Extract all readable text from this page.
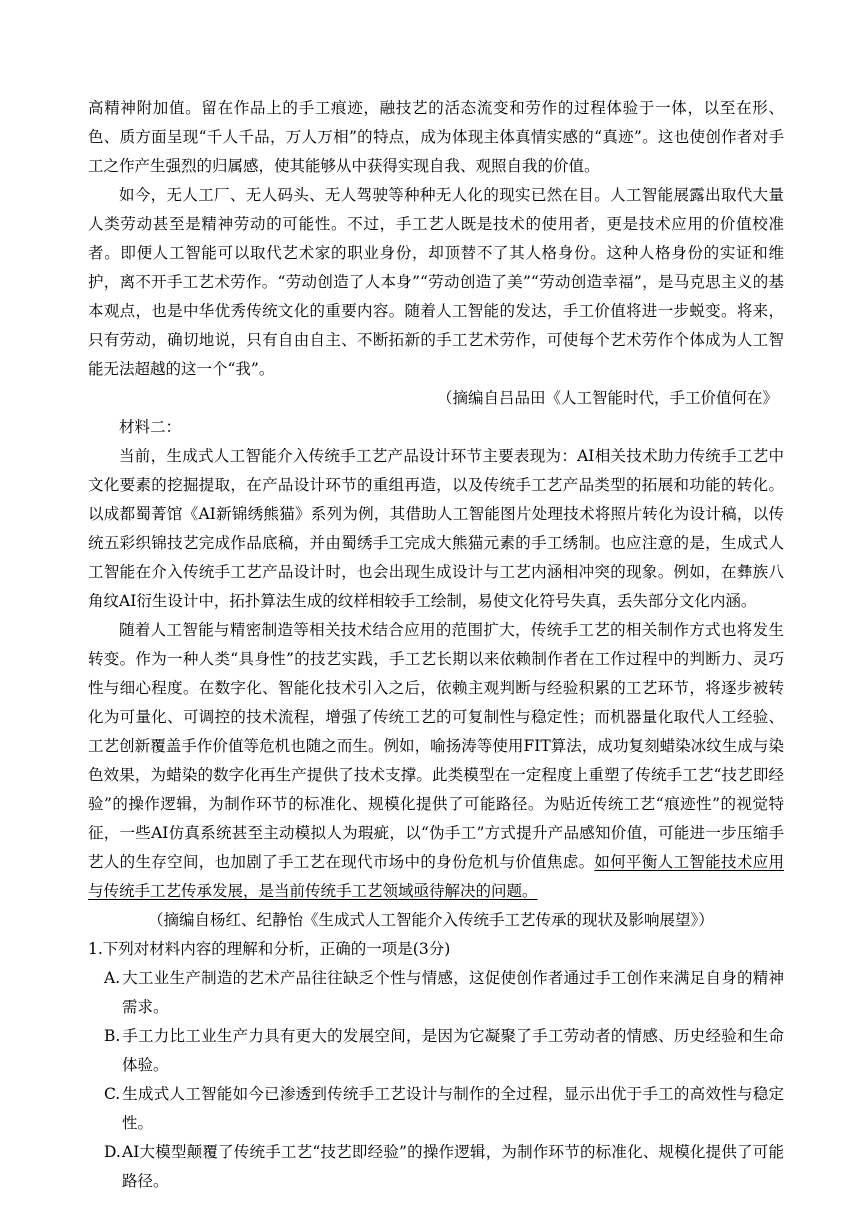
高精神附加值。留在作品上的手工痕迹，融技艺的活态流变和劳作的过程体验于一体，以至在形、色、质方面呈现“千人千品，万人万相”的特点，成为体现主体真情实感的“真迹”。这也使创作者对手工之作产生强烈的归属感，使其能够从中获得实现自我、观照自我的价值。

如今，无人工厂、无人码头、无人驾驶等种种无人化的现实已然在目。人工智能展露出取代大量人类劳动甚至是精神劳动的可能性。不过，手工艺人既是技术的使用者，更是技术应用的价值校准者。即便人工智能可以取代艺术家的职业身份，却顶替不了其人格身份。这种人格身份的实证和维护，离不开手工艺术劳作。“劳动创造了人本身”“劳动创造了美”“劳动创造幸福”，是马克思主义的基本观点，也是中华优秀传统文化的重要内容。随着人工智能的发达，手工价值将进一步蜕变。将来，只有劳动，确切地说，只有自由自主、不断拓新的手工艺术劳作，可使每个艺术劳作个体成为人工智能无法超越的这一个“我”。

（摘编自吕品田《人工智能时代，手工价值何在》

材料二：

当前，生成式人工智能介入传统手工艺产品设计环节主要表现为：AI相关技术助力传统手工艺中文化要素的挖掘提取，在产品设计环节的重组再造，以及传统手工艺产品类型的拓展和功能的转化。以成都蜀菁馆《AI新锦绣熊猫》系列为例，其借助人工智能图片处理技术将照片转化为设计稿，以传统五彩织锦技艺完成作品底稿，并由蜀绣手工完成大熊猫元素的手工绣制。也应注意的是，生成式人工智能在介入传统手工艺产品设计时，也会出现生成设计与工艺内涵相冲突的现象。例如，在彝族八角纹AI衍生设计中，拓扑算法生成的纹样相较手工绘制，易使文化符号失真，丢失部分文化内涵。

随着人工智能与精密制造等相关技术结合应用的范围扩大，传统手工艺的相关制作方式也将发生转变。作为一种人类“具身性”的技艺实践，手工艺长期以来依赖制作者在工作过程中的判断力、灵巧性与细心程度。在数字化、智能化技术引入之后，依赖主观判断与经验积累的工艺环节，将逐步被转化为可量化、可调控的技术流程，增强了传统工艺的可复制性与稳定性；而机器量化取代人工经验、工艺创新覆盖手作价值等危机也随之而生。例如，喻扬涛等使用FIT算法，成功复刻蜡染冰纹生成与染色效果，为蜡染的数字化再生产提供了技术支撑。此类模型在一定程度上重塑了传统手工艺“技艺即经验”的操作逻辑，为制作环节的标准化、规模化提供了可能路径。为贴近传统工艺“痕迹性”的视觉特征，一些AI仿真系统甚至主动模拟人为瑕疵，以“伪手工”方式提升产品感知价值，可能进一步压缩手艺人的生存空间，也加剧了手工艺在现代市场中的身份危机与价值焦虑。如何平衡人工智能技术应用与传统手工艺传承发展，是当前传统手工艺领域亟待解决的问题。

（摘编自杨红、纪静怡《生成式人工智能介入传统手工艺传承的现状及影响展望》）

1.下列对材料内容的理解和分析，正确的一项是(3分)

A. 大工业生产制造的艺术产品往往缺乏个性与情感，这促使创作者通过手工创作来满足自身的精神需求。

B. 手工力比工业生产力具有更大的发展空间，是因为它凝聚了手工劳动者的情感、历史经验和生命体验。

C. 生成式人工智能如今已渗透到传统手工艺设计与制作的全过程，显示出优于手工的高效性与稳定性。

D.AI大模型颠覆了传统手工艺“技艺即经验”的操作逻辑，为制作环节的标准化、规模化提供了可能路径。
